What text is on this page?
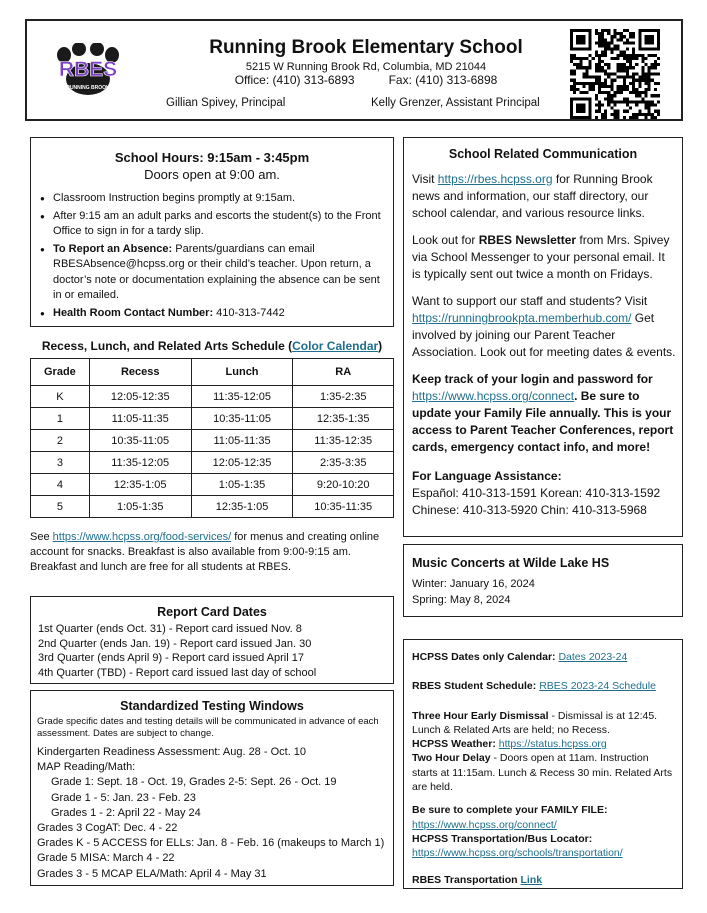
RBES
RUNNING BROOK
Running Brook Elementary School
5215 W Running Brook Rd, Columbia, MD 21044
Office: (410) 313-6893	Fax: (410) 313-6898
Gillian Spivey, Principal	Kelly Grenzer, Assistant Principal
School Hours: 9:15am - 3:45pm
Doors open at 9:00 am.
● Classroom Instruction begins promptly at 9:15am.
● After 9:15 am an adult parks and escorts the student(s) to the Front Office to sign in for a tardy slip.
● To Report an Absence: Parents/guardians can email RBESAbsence@hcpss.org or their child’s teacher. Upon return, a doctor’s note or documentation explaining the absence can be sent in or emailed.
● Health Room Contact Number: 410-313-7442
Recess, Lunch, and Related Arts Schedule (Color Calendar)
Grade	Recess	Lunch	RA
K	12:05-12:35	11:35-12:05	1:35-2:35
1	11:05-11:35	10:35-11:05	12:35-1:35
2	10:35-11:05	11:05-11:35	11:35-12:35
3	11:35-12:05	12:05-12:35	2:35-3:35
4	12:35-1:05	1:05-1:35	9:20-10:20
5	1:05-1:35	12:35-1:05	10:35-11:35
See https://www.hcpss.org/food-services/ for menus and creating online account for snacks. Breakfast is also available from 9:00-9:15 am. Breakfast and lunch are free for all students at RBES.
Report Card Dates
1st Quarter (ends Oct. 31) - Report card issued Nov. 8
2nd Quarter (ends Jan. 19) - Report card issued Jan. 30
3rd Quarter (ends April 9) - Report card issued April 17
4th Quarter (TBD) - Report card issued last day of school
Standardized Testing Windows
Grade specific dates and testing details will be communicated in advance of each assessment. Dates are subject to change.
Kindergarten Readiness Assessment: Aug. 28 - Oct. 10
MAP Reading/Math:
Grade 1: Sept. 18 - Oct. 19, Grades 2-5: Sept. 26 - Oct. 19
Grade 1 - 5: Jan. 23 - Feb. 23
Grades 1 - 2: April 22 - May 24
Grades 3 CogAT: Dec. 4 - 22
Grades K - 5 ACCESS for ELLs: Jan. 8 - Feb. 16 (makeups to March 1)
Grade 5 MISA: March 4 - 22
Grades 3 - 5 MCAP ELA/Math: April 4 - May 31
School Related Communication

Visit https://rbes.hcpss.org for Running Brook news and information, our staff directory, our school calendar, and various resource links.

Look out for RBES Newsletter from Mrs. Spivey via School Messenger to your personal email. It is typically sent out twice a month on Fridays.

Want to support our staff and students? Visit https://runningbrookpta.memberhub.com/ Get involved by joining our Parent Teacher Association. Look out for meeting dates & events.

Keep track of your login and password for https://www.hcpss.org/connect. Be sure to update your Family File annually. This is your access to Parent Teacher Conferences, report cards, emergency contact info, and more!

For Language Assistance:
Español: 410-313-1591 Korean: 410-313-1592
Chinese: 410-313-5920 Chin: 410-313-5968

Music Concerts at Wilde Lake HS
Winter: January 16, 2024
Spring: May 8, 2024

HCPSS Dates only Calendar: Dates 2023-24

RBES Student Schedule: RBES 2023-24 Schedule

Three Hour Early Dismissal - Dismissal is at 12:45. Lunch & Related Arts are held; no Recess.

HCPSS Weather: https://status.hcpss.org

Two Hour Delay - Doors open at 11am. Instruction starts at 11:15am. Lunch & Recess 30 min. Related Arts are held.

Be sure to complete your FAMILY FILE:
https://www.hcpss.org/connect/

HCPSS Transportation/Bus Locator:
https://www.hcpss.org/schools/transportation/

RBES Transportation Link
